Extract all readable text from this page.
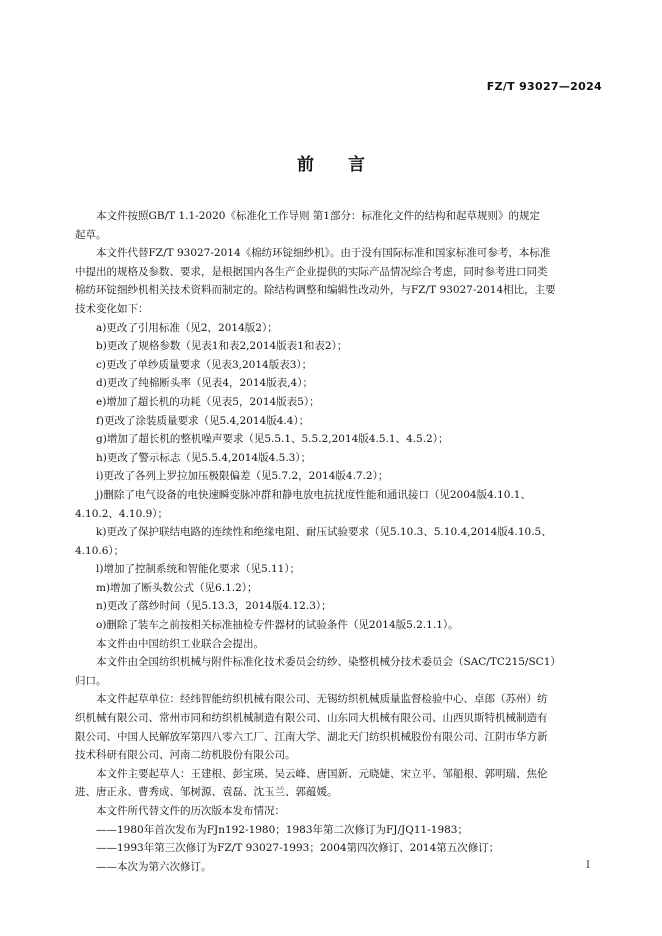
FZ/T 93027—2024
前言
本文件按照GB/T 1.1-2020《标准化工作导则 第1部分：标准化文件的结构和起草规则》的规定
起草。
本文件代替FZ/T 93027-2014《棉纺环锭细纱机》。由于没有国际标准和国家标准可参考，本标准
中提出的规格及参数、要求，是根据国内各生产企业提供的实际产品情况综合考虑，同时参考进口同类
棉纺环锭细纱机相关技术资料而制定的。除结构调整和编辑性改动外，与FZ/T 93027-2014相比，主要
技术变化如下：
a)更改了引用标准（见2，2014版2）；
b)更改了规格参数（见表1和表2,2014版表1和表2）；
c)更改了单纱质量要求（见表3,2014版表3）；
d)更改了纯棉断头率（见表4，2014版表,4）；
e)增加了超长机的功耗（见表5，2014版表5）；
f)更改了涂装质量要求（见5.4,2014版4.4）；
g)增加了超长机的整机噪声要求（见5.5.1、5.5.2,2014版4.5.1、4.5.2）；
h)更改了警示标志（见5.5.4,2014版4.5.3）；
i)更改了各列上罗拉加压极限偏差（见5.7.2，2014版4.7.2）；
j)删除了电气设备的电快速瞬变脉冲群和静电放电抗扰度性能和通讯接口（见2004版4.10.1、
4.10.2、4.10.9）；
k)更改了保护联结电路的连续性和绝缘电阻、耐压试验要求（见5.10.3、5.10.4,2014版4.10.5、
4.10.6）；
l)增加了控制系统和智能化要求（见5.11）；
m)增加了断头数公式（见6.1.2）；
n)更改了落纱时间（见5.13.3，2014版4.12.3）；
o)删除了装车之前按相关标准抽检专件器材的试验条件（见2014版5.2.1.1）。
本文件由中国纺织工业联合会提出。
本文件由全国纺织机械与附件标准化技术委员会纺纱、染整机械分技术委员会（SAC/TC215/SC1）
归口。
本文件起草单位：经纬智能纺织机械有限公司、无锡纺织机械质量监督检验中心、卓郎（苏州）纺
织机械有限公司、常州市同和纺织机械制造有限公司、山东同大机械有限公司、山西贝斯特机械制造有
限公司、中国人民解放军第四八零六工厂、江南大学、湖北天门纺织机械股份有限公司、江阴市华方新
技术科研有限公司、河南二纺机股份有限公司。
本文件主要起草人：王建根、彭宝瑛、吴云峰、唐国新、元晓婕、宋立平、邹船根、郭明瑞、焦伦
进、唐正永、曹秀成、邹树源、袁磊、沈玉兰、郭蕴媛。
本文件所代替文件的历次版本发布情况：
——1980年首次发布为FJn192-1980；1983年第二次修订为FJ/JQ11-1983；
——1993年第三次修订为FZ/T 93027-1993；2004第四次修订、2014第五次修订；
——本次为第六次修订。	I
